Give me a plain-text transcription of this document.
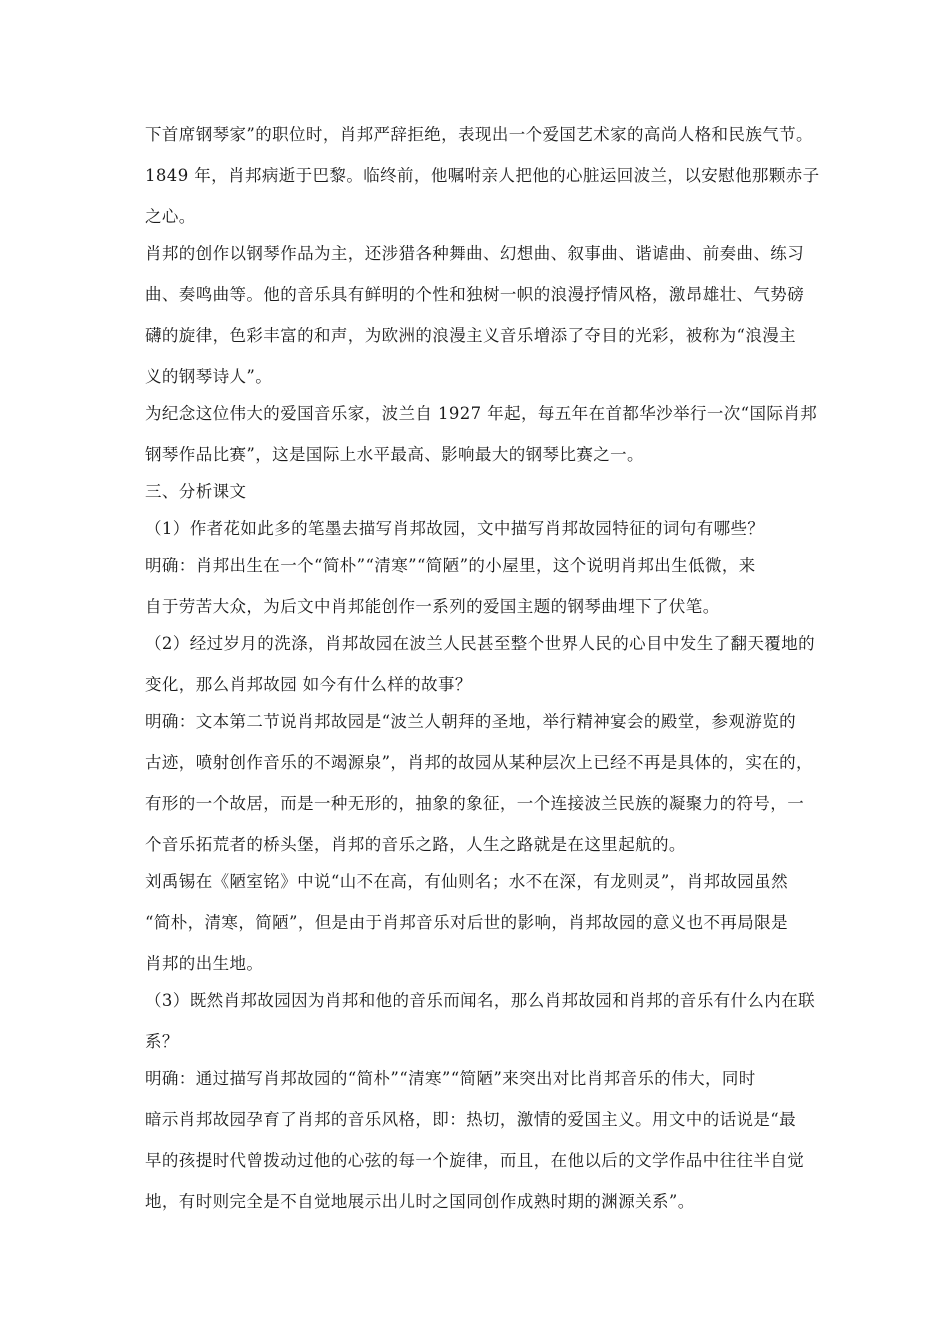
下首席钢琴家”的职位时，肖邦严辞拒绝，表现出一个爱国艺术家的高尚人格和民族气节。
1849 年，肖邦病逝于巴黎。临终前，他嘱咐亲人把他的心脏运回波兰，以安慰他那颗赤子
之心。
肖邦的创作以钢琴作品为主，还涉猎各种舞曲、幻想曲、叙事曲、谐谑曲、前奏曲、练习
曲、奏鸣曲等。他的音乐具有鲜明的个性和独树一帜的浪漫抒情风格，激昂雄壮、气势磅
礴的旋律，色彩丰富的和声，为欧洲的浪漫主义音乐增添了夺目的光彩，被称为“浪漫主
义的钢琴诗人”。
为纪念这位伟大的爱国音乐家，波兰自 1927 年起，每五年在首都华沙举行一次“国际肖邦
钢琴作品比赛”，这是国际上水平最高、影响最大的钢琴比赛之一。
三、分析课文
（1）作者花如此多的笔墨去描写肖邦故园，文中描写肖邦故园特征的词句有哪些？
明确：肖邦出生在一个“简朴”“清寒”“简陋”的小屋里，这个说明肖邦出生低微，来
自于劳苦大众，为后文中肖邦能创作一系列的爱国主题的钢琴曲埋下了伏笔。
（2）经过岁月的洗涤，肖邦故园在波兰人民甚至整个世界人民的心目中发生了翻天覆地的
变化，那么肖邦故园 如今有什么样的故事？
明确：文本第二节说肖邦故园是“波兰人朝拜的圣地，举行精神宴会的殿堂，参观游览的
古迹，喷射创作音乐的不竭源泉”，肖邦的故园从某种层次上已经不再是具体的，实在的，
有形的一个故居，而是一种无形的，抽象的象征，一个连接波兰民族的凝聚力的符号，一
个音乐拓荒者的桥头堡，肖邦的音乐之路，人生之路就是在这里起航的。
刘禹锡在《陋室铭》中说“山不在高，有仙则名；水不在深，有龙则灵”，肖邦故园虽然
“简朴，清寒，简陋”，但是由于肖邦音乐对后世的影响，肖邦故园的意义也不再局限是
肖邦的出生地。
（3）既然肖邦故园因为肖邦和他的音乐而闻名，那么肖邦故园和肖邦的音乐有什么内在联
系？
明确：通过描写肖邦故园的“简朴”“清寒”“简陋”来突出对比肖邦音乐的伟大，同时
暗示肖邦故园孕育了肖邦的音乐风格，即：热切，激情的爱国主义。用文中的话说是“最
早的孩提时代曾拨动过他的心弦的每一个旋律，而且，在他以后的文学作品中往往半自觉
地，有时则完全是不自觉地展示出儿时之国同创作成熟时期的渊源关系”。
